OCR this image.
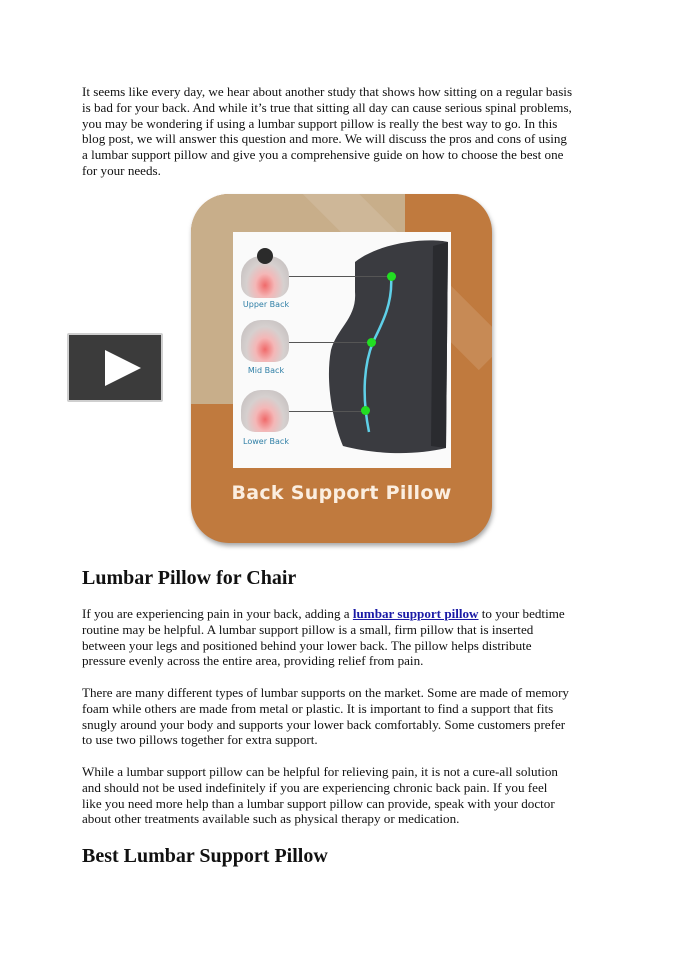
It seems like every day, we hear about another study that shows how sitting on a regular basis
is bad for your back. And while it’s true that sitting all day can cause serious spinal problems,
you may be wondering if using a lumbar support pillow is really the best way to go. In this
blog post, we will answer this question and more. We will discuss the pros and cons of using
a lumbar support pillow and give you a comprehensive guide on how to choose the best one
for your needs.
Upper Back
Mid Back
Lower Back
Back Support Pillow
Lumbar Pillow for Chair
If you are experiencing pain in your back, adding a lumbar support pillow to your bedtime
routine may be helpful. A lumbar support pillow is a small, firm pillow that is inserted
between your legs and positioned behind your lower back. The pillow helps distribute
pressure evenly across the entire area, providing relief from pain.
There are many different types of lumbar supports on the market. Some are made of memory
foam while others are made from metal or plastic. It is important to find a support that fits
snugly around your body and supports your lower back comfortably. Some customers prefer
to use two pillows together for extra support.
While a lumbar support pillow can be helpful for relieving pain, it is not a cure-all solution
and should not be used indefinitely if you are experiencing chronic back pain. If you feel
like you need more help than a lumbar support pillow can provide, speak with your doctor
about other treatments available such as physical therapy or medication.
Best Lumbar Support Pillow
